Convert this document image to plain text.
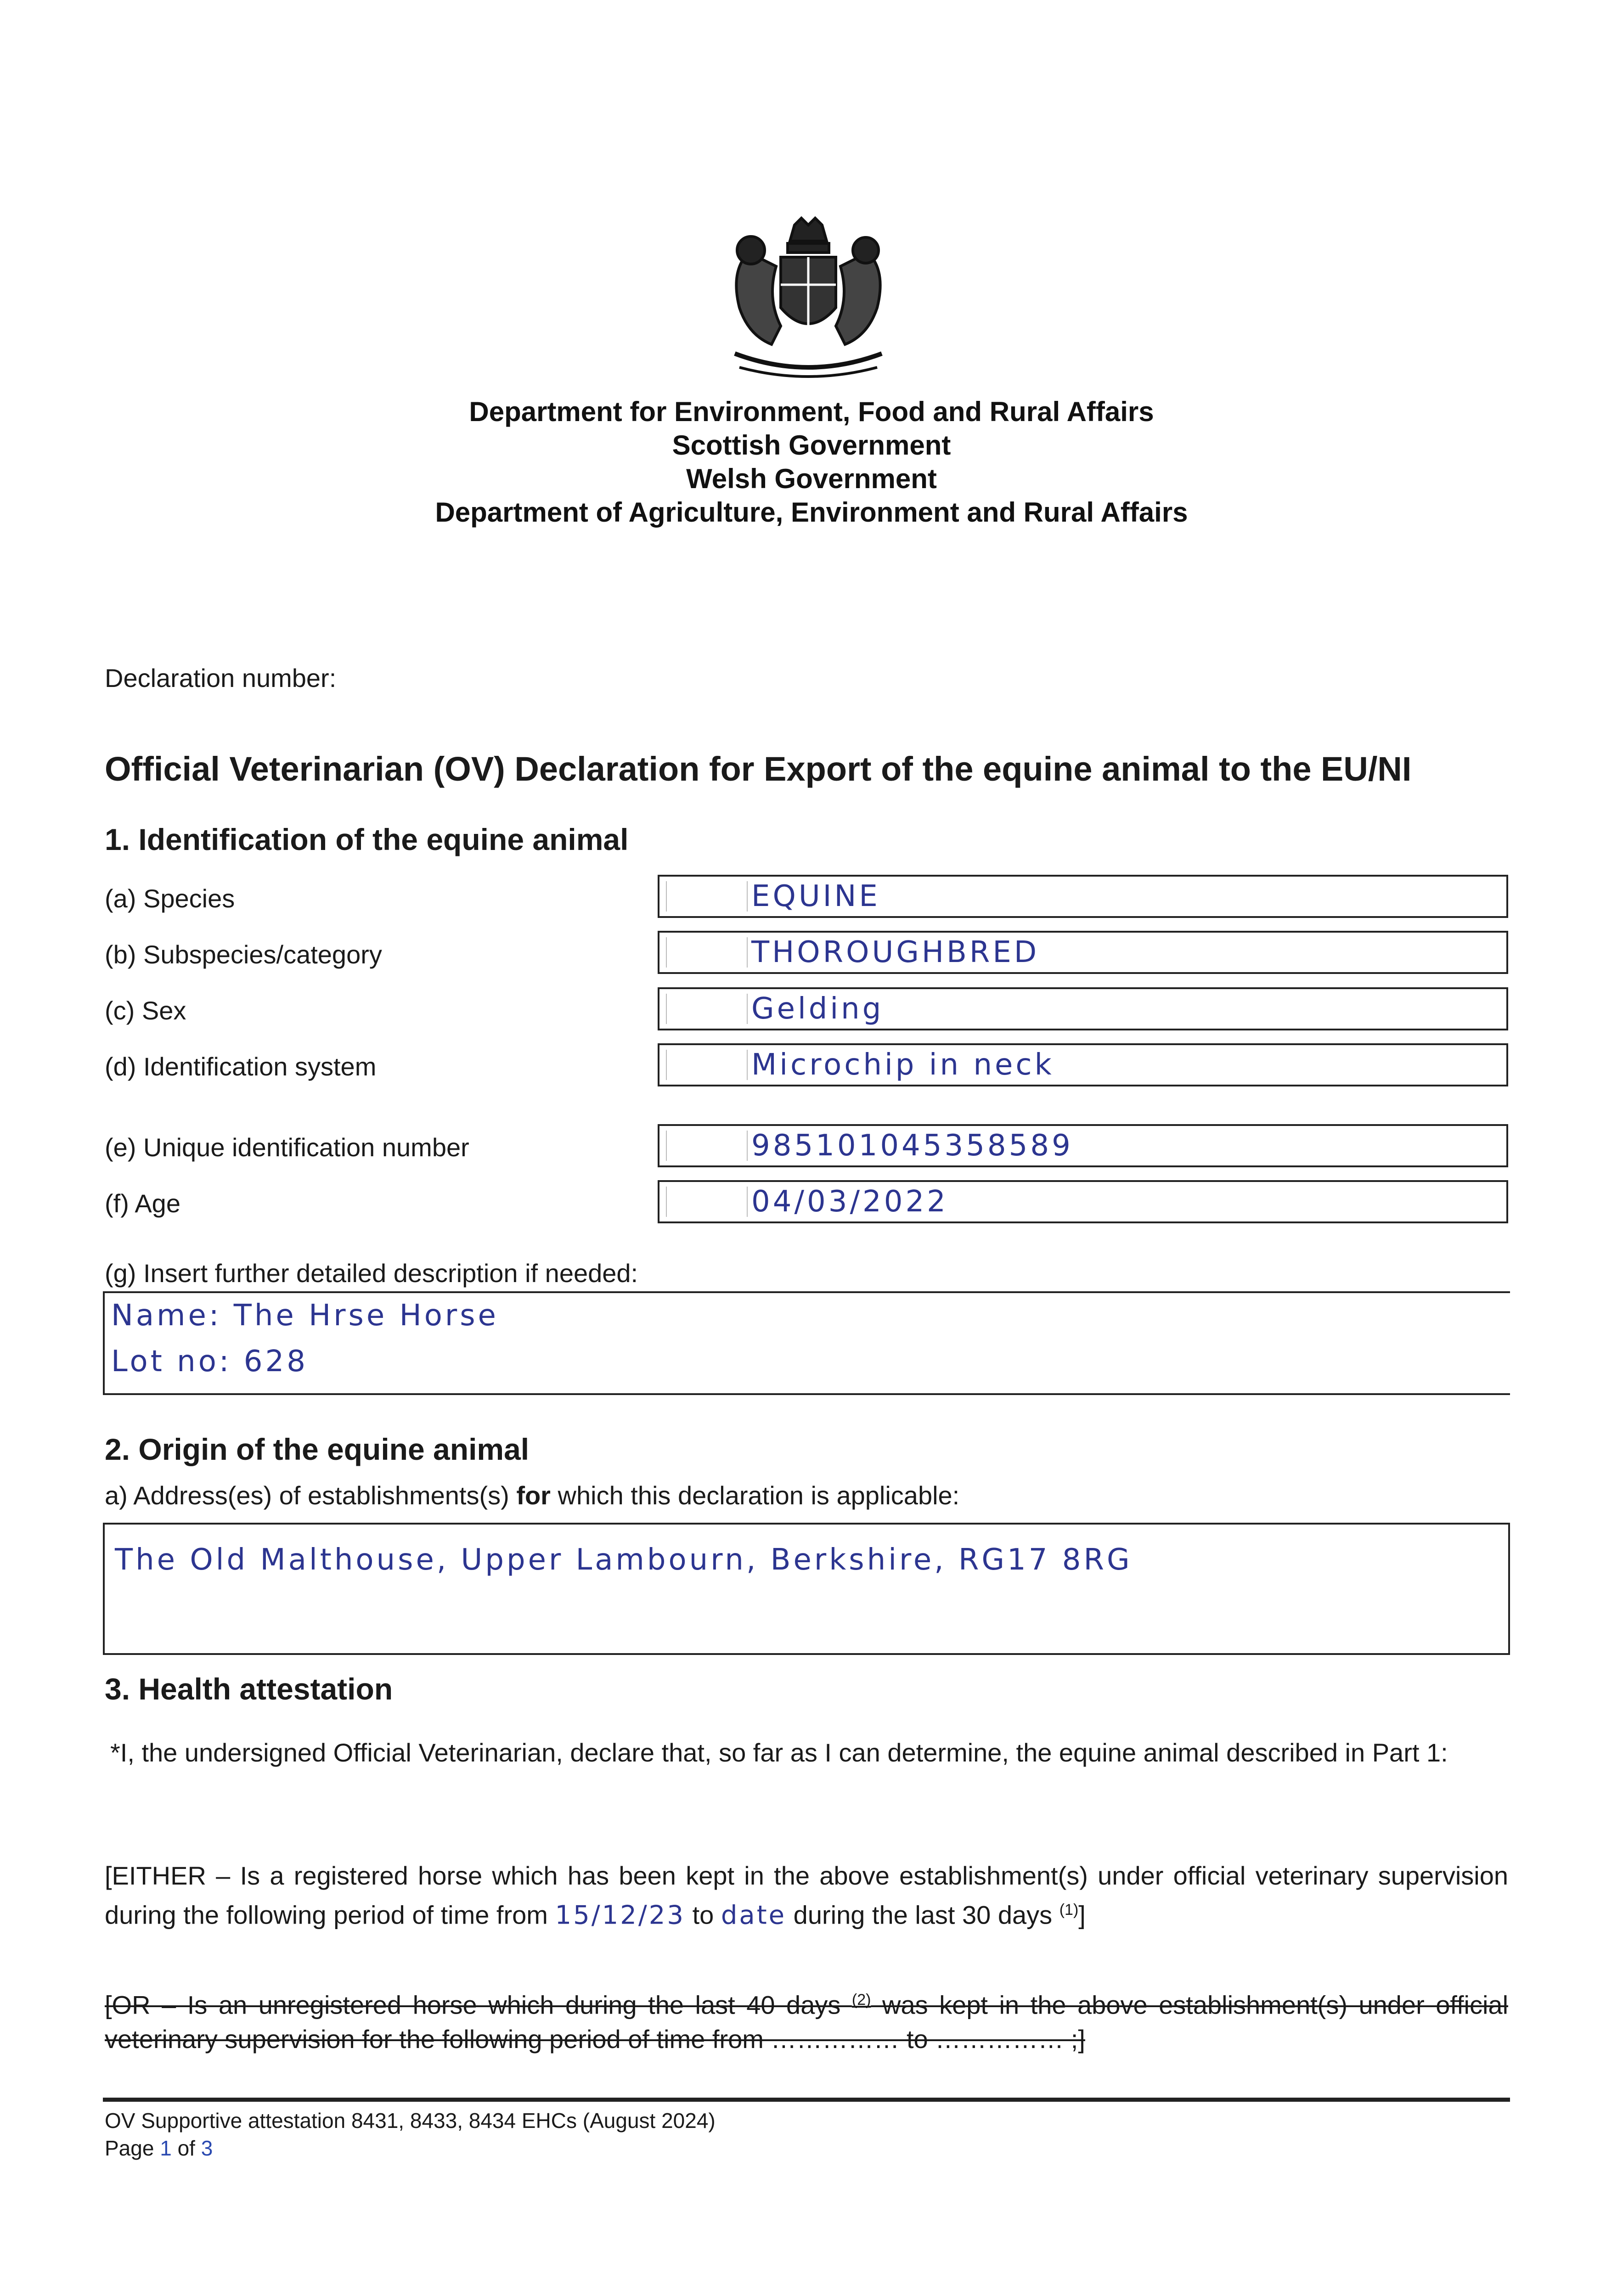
Department for Environment, Food and Rural Affairs
Scottish Government
Welsh Government
Department of Agriculture, Environment and Rural Affairs
Declaration number:
Official Veterinarian (OV) Declaration for Export of the equine animal to the EU/NI
1. Identification of the equine animal
(a) Species	EQUINE
(b) Subspecies/category	THOROUGHBRED
(c) Sex	Gelding
(d) Identification system	Microchip in neck
(e) Unique identification number	985101045358589
(f) Age	04/03/2022
(g) Insert further detailed description if needed:
Name: The Hrse Horse
Lot no: 628
2. Origin of the equine animal
a) Address(es) of establishments(s) for which this declaration is applicable:
The Old Malthouse, Upper Lambourn, Berkshire, RG17 8RG
3. Health attestation
*I, the undersigned Official Veterinarian, declare that, so far as I can determine, the equine animal described in Part 1:
[EITHER – Is a registered horse which has been kept in the above establishment(s) under official veterinary supervision during the following period of time from 15/12/23 to date during the last 30 days $^{(1)}$]
[OR – Is an unregistered horse which during the last 40 days $^{(2)}$ was kept in the above establishment(s) under official veterinary supervision for the following period of time from …………… to …………… ;]
OV Supportive attestation 8431, 8433, 8434 EHCs (August 2024)
Page 1 of 3
